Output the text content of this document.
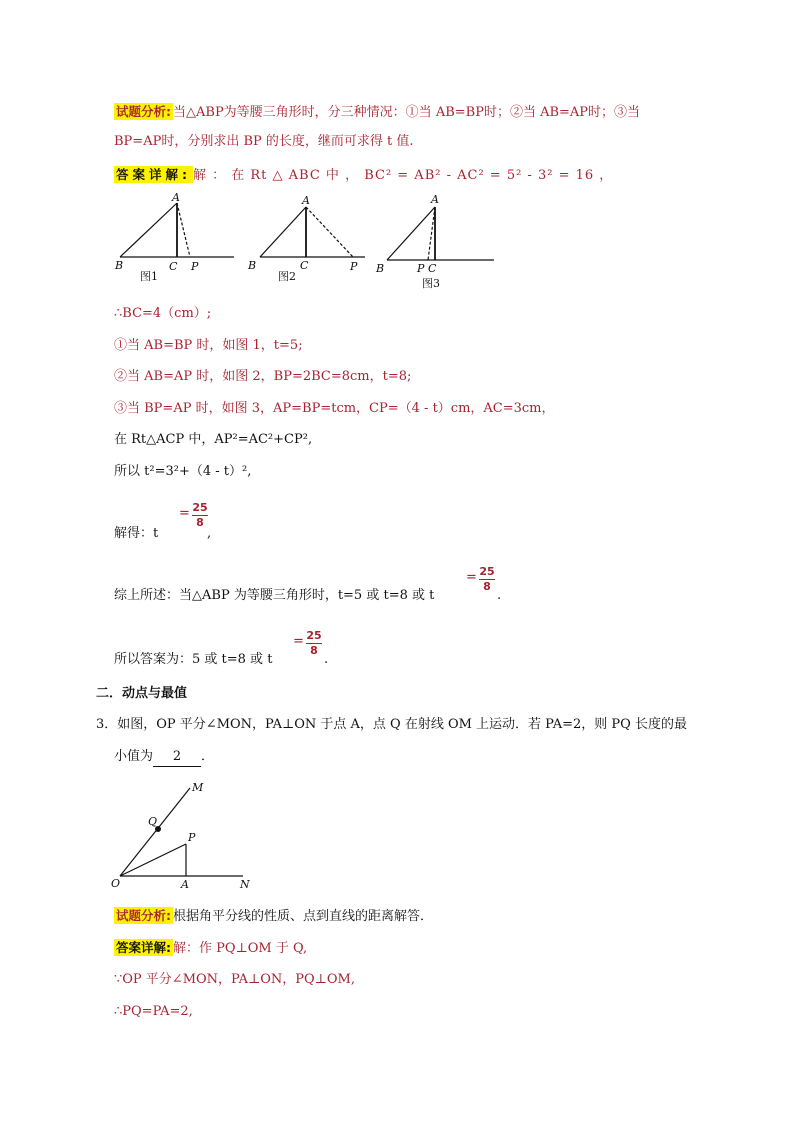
试题分析: 当△ABP为等腰三角形时，分三种情况：①当 AB=BP时；②当 AB=AP时；③当
BP=AP时，分别求出 BP 的长度，继而可求得 t 值.
答案详解: 解 ： 在 Rt △ ABC 中 ， BC² = AB² - AC² = 5² - 3² = 16 ，
A
B	C P
图1
A
B	C	P
图2
A
B	P C
图3
∴BC=4（cm）;
①当 AB=BP 时，如图 1，t=5;
②当 AB=AP 时，如图 2，BP=2BC=8cm，t=8;
③当 BP=AP 时，如图 3，AP=BP=tcm，CP=（4 - t）cm，AC=3cm，
在 Rt△ACP 中，AP²=AC²+CP²,
所以 t²=3²+（4 - t）²,
解得：t
= 25
8
,
综上所述：当△ABP 为等腰三角形时，t=5 或 t=8 或 t
= 25
8
.
所以答案为：5 或 t=8 或 t
= 25
8
.
二．动点与最值
3．如图，OP 平分∠MON，PA⊥ON 于点 A，点 Q 在射线 OM 上运动．若 PA=2，则 PQ 长度的最
小值为 2 ．
M
Q
P
O	A	N
试题分析: 根据角平分线的性质、点到直线的距离解答．
答案详解: 解：作 PQ⊥OM 于 Q,
∵OP 平分∠MON，PA⊥ON，PQ⊥OM,
∴PQ=PA=2,
